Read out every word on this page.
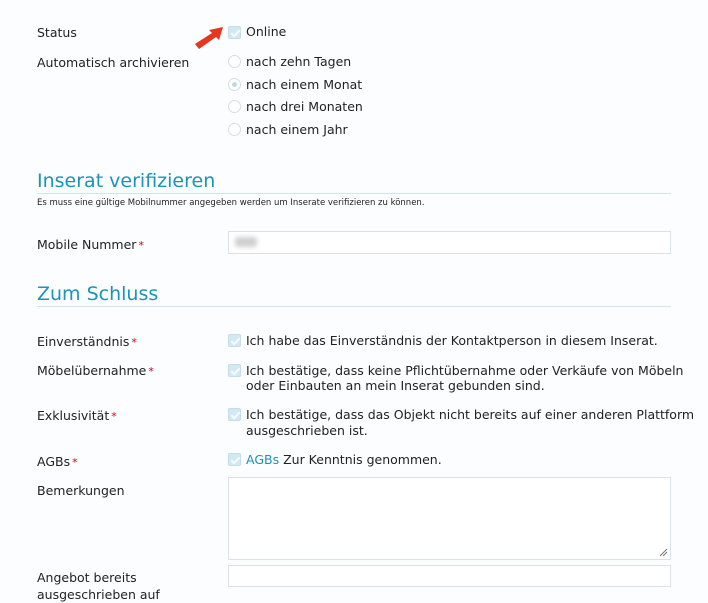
Status	Online
Automatisch archivieren	nach zehn Tagen
nach einem Monat
nach drei Monaten
nach einem Jahr
Inserat verifizieren
Es muss eine gültige Mobilnummer angegeben werden um Inserate verifizieren zu können.
Mobile Nummer *
Zum Schluss
Einverständnis *	Ich habe das Einverständnis der Kontaktperson in diesem Inserat.
Möbelübernahme *	Ich bestätige, dass keine Pflichtübernahme oder Verkäufe von Möbeln
oder Einbauten an mein Inserat gebunden sind.
Exklusivität *	Ich bestätige, dass das Objekt nicht bereits auf einer anderen Plattform
ausgeschrieben ist.
AGBs *	AGBs Zur Kenntnis genommen.
Bemerkungen
Angebot bereits
ausgeschrieben auf
